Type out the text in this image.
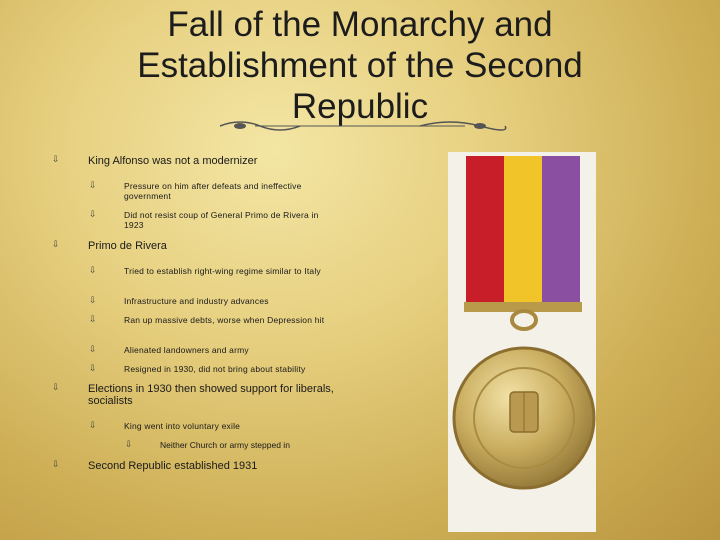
Fall of the Monarchy and Establishment of the Second Republic
⇩	King Alfonso was not a modernizer
⇩	Pressure on him after defeats and ineffective government
⇩	Did not resist coup of General Primo de Rivera in 1923
⇩	Primo de Rivera
⇩	Tried to establish right-wing regime similar to Italy
⇩	Infrastructure and industry advances
⇩	Ran up massive debts, worse when Depression hit
⇩	Alienated landowners and army
⇩	Resigned in 1930, did not bring about stability
⇩	Elections in 1930 then showed support for liberals, socialists
⇩	King went into voluntary exile
⇩	Neither Church or army stepped in
⇩	Second Republic established 1931
